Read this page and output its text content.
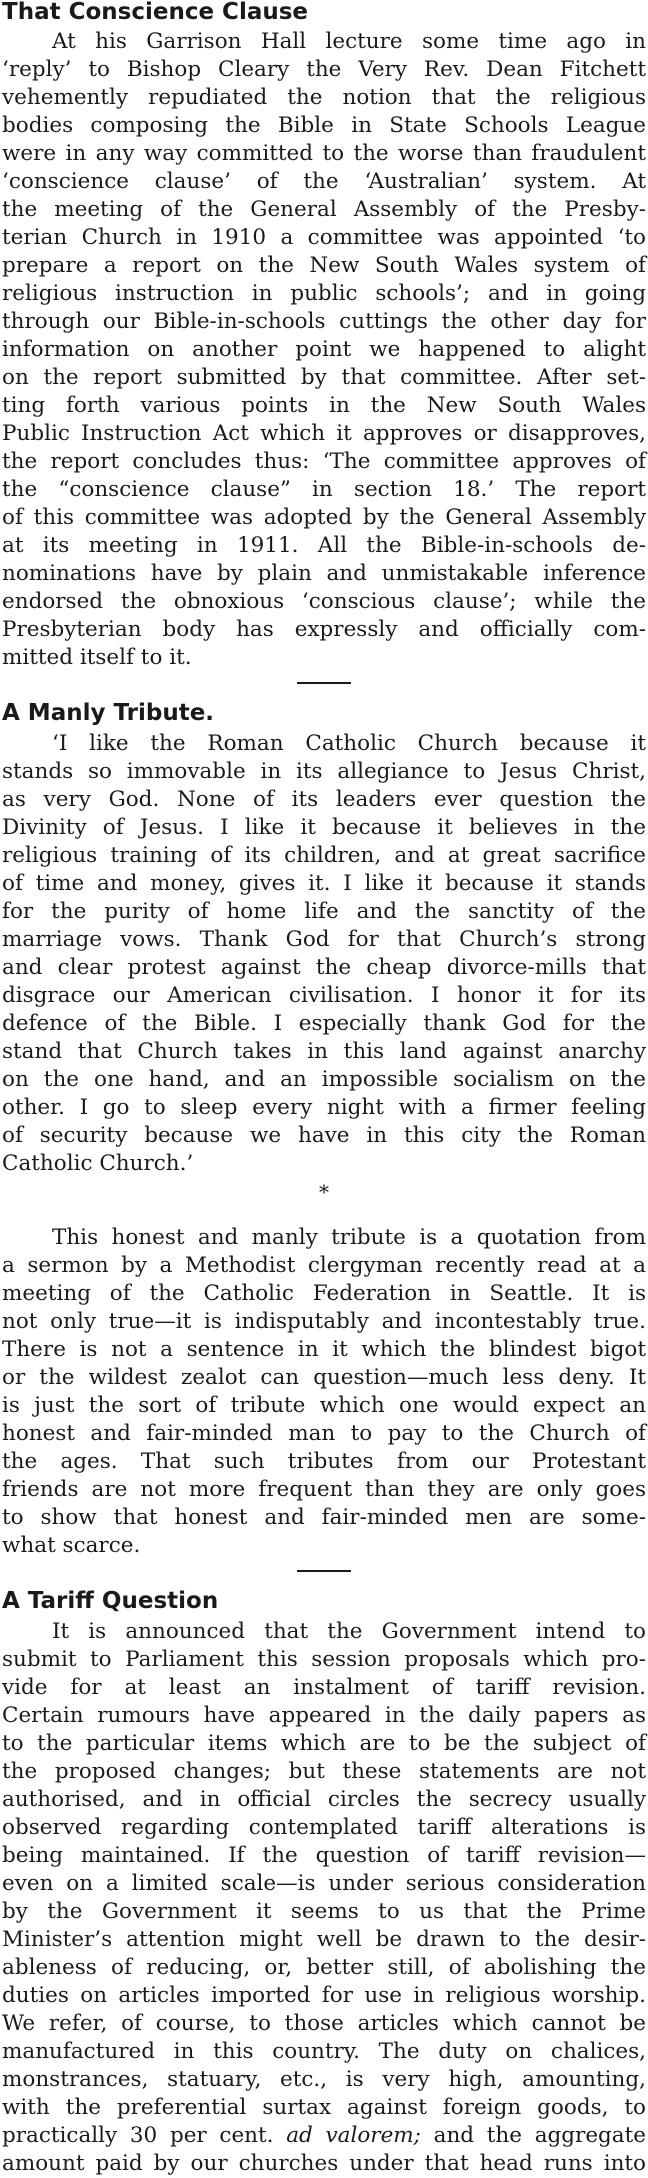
That Conscience Clause
At his Garrison Hall lecture some time ago in
‘reply’ to Bishop Cleary the Very Rev. Dean Fitchett
vehemently repudiated the notion that the religious
bodies composing the Bible in State Schools League
were in any way committed to the worse than fraudulent
‘conscience clause’ of the ‘Australian’ system. At
the meeting of the General Assembly of the Presby-
terian Church in 1910 a committee was appointed ‘to
prepare a report on the New South Wales system of
religious instruction in public schools’; and in going
through our Bible-in-schools cuttings the other day for
information on another point we happened to alight
on the report submitted by that committee. After set-
ting forth various points in the New South Wales
Public Instruction Act which it approves or disapproves,
the report concludes thus: ‘The committee approves of
the “conscience clause” in section 18.’ The report
of this committee was adopted by the General Assembly
at its meeting in 1911. All the Bible-in-schools de-
nominations have by plain and unmistakable inference
endorsed the obnoxious ‘conscious clause’; while the
Presbyterian body has expressly and officially com-
mitted itself to it.
A Manly Tribute.
‘I like the Roman Catholic Church because it
stands so immovable in its allegiance to Jesus Christ,
as very God. None of its leaders ever question the
Divinity of Jesus. I like it because it believes in the
religious training of its children, and at great sacrifice
of time and money, gives it. I like it because it stands
for the purity of home life and the sanctity of the
marriage vows. Thank God for that Church’s strong
and clear protest against the cheap divorce-mills that
disgrace our American civilisation. I honor it for its
defence of the Bible. I especially thank God for the
stand that Church takes in this land against anarchy
on the one hand, and an impossible socialism on the
other. I go to sleep every night with a firmer feeling
of security because we have in this city the Roman
Catholic Church.’
*
This honest and manly tribute is a quotation from
a sermon by a Methodist clergyman recently read at a
meeting of the Catholic Federation in Seattle. It is
not only true—it is indisputably and incontestably true.
There is not a sentence in it which the blindest bigot
or the wildest zealot can question—much less deny. It
is just the sort of tribute which one would expect an
honest and fair-minded man to pay to the Church of
the ages. That such tributes from our Protestant
friends are not more frequent than they are only goes
to show that honest and fair-minded men are some-
what scarce.
A Tariff Question
It is announced that the Government intend to
submit to Parliament this session proposals which pro-
vide for at least an instalment of tariff revision.
Certain rumours have appeared in the daily papers as
to the particular items which are to be the subject of
the proposed changes; but these statements are not
authorised, and in official circles the secrecy usually
observed regarding contemplated tariff alterations is
being maintained. If the question of tariff revision—
even on a limited scale—is under serious consideration
by the Government it seems to us that the Prime
Minister’s attention might well be drawn to the desir-
ableness of reducing, or, better still, of abolishing the
duties on articles imported for use in religious worship.
We refer, of course, to those articles which cannot be
manufactured in this country. The duty on chalices,
monstrances, statuary, etc., is very high, amounting,
with the preferential surtax against foreign goods, to
practically 30 per cent. ad valorem; and the aggregate
amount paid by our churches under that head runs into
